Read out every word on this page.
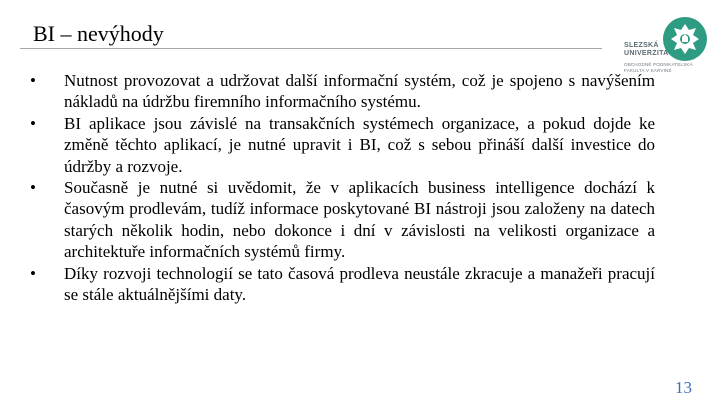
BI – nevýhody	SLEZSKÁ
UNIVERZITA
OBCHODNĚ PODNIKATELSKÁ
FAKULTA V KARVINÉ
• Nutnost provozovat a udržovat další informační systém, což je spojeno s navýšením nákladů na údržbu firemního informačního systému.
• BI aplikace jsou závislé na transakčních systémech organizace, a pokud dojde ke změně těchto aplikací, je nutné upravit i BI, což s sebou přináší další investice do údržby a rozvoje.
• Současně je nutné si uvědomit, že v aplikacích business intelligence dochází k časovým prodlevám, tudíž informace poskytované BI nástroji jsou založeny na datech starých několik hodin, nebo dokonce i dní v závislosti na velikosti organizace a architektuře informačních systémů firmy.
• Díky rozvoji technologií se tato časová prodleva neustále zkracuje a manažeři pracují se stále aktuálnějšími daty.
13
